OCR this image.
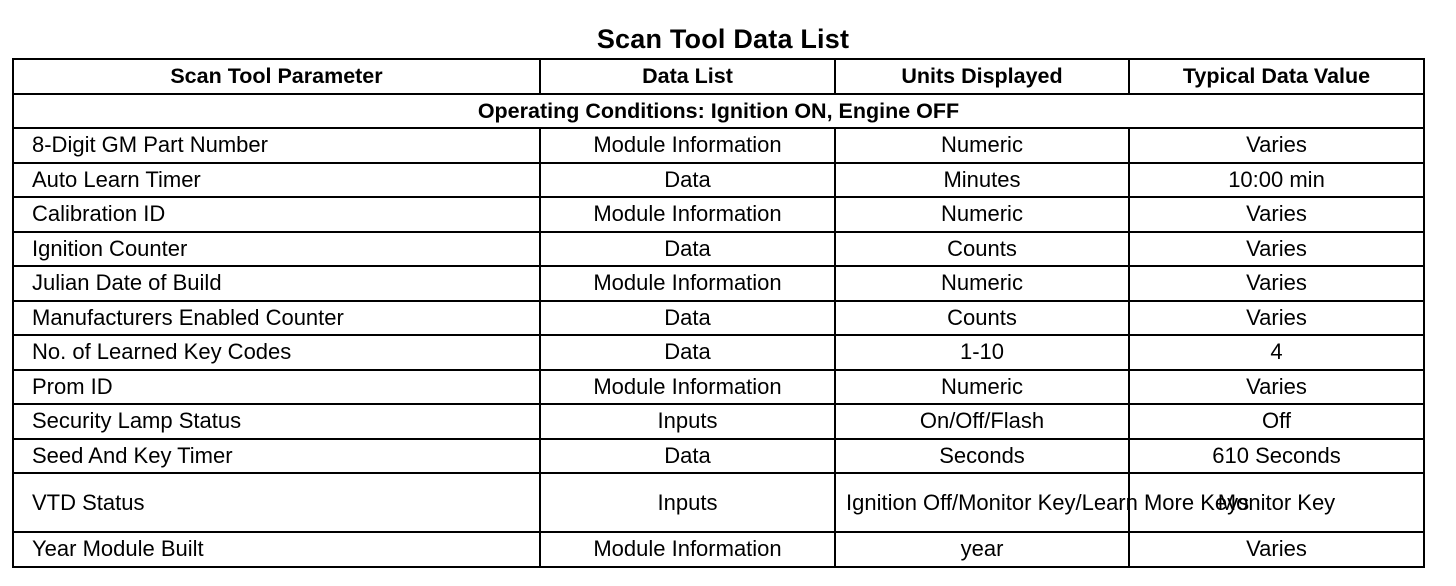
Scan Tool Data List
Scan Tool Parameter	Data List	Units Displayed	Typical Data Value
Operating Conditions: Ignition ON, Engine OFF			
8-Digit GM Part Number	Module Information	Numeric	Varies
Auto Learn Timer	Data	Minutes	10:00 min
Calibration ID	Module Information	Numeric	Varies
Ignition Counter	Data	Counts	Varies
Julian Date of Build	Module Information	Numeric	Varies
Manufacturers Enabled Counter	Data	Counts	Varies
No. of Learned Key Codes	Data	1-10	4
Prom ID	Module Information	Numeric	Varies
Security Lamp Status	Inputs	On/Off/Flash	Off
Seed And Key Timer	Data	Seconds	610 Seconds
VTD Status	Inputs	Ignition Off/Monitor Key/Learn More Keys	Monitor Key
Year Module Built	Module Information	year	Varies
